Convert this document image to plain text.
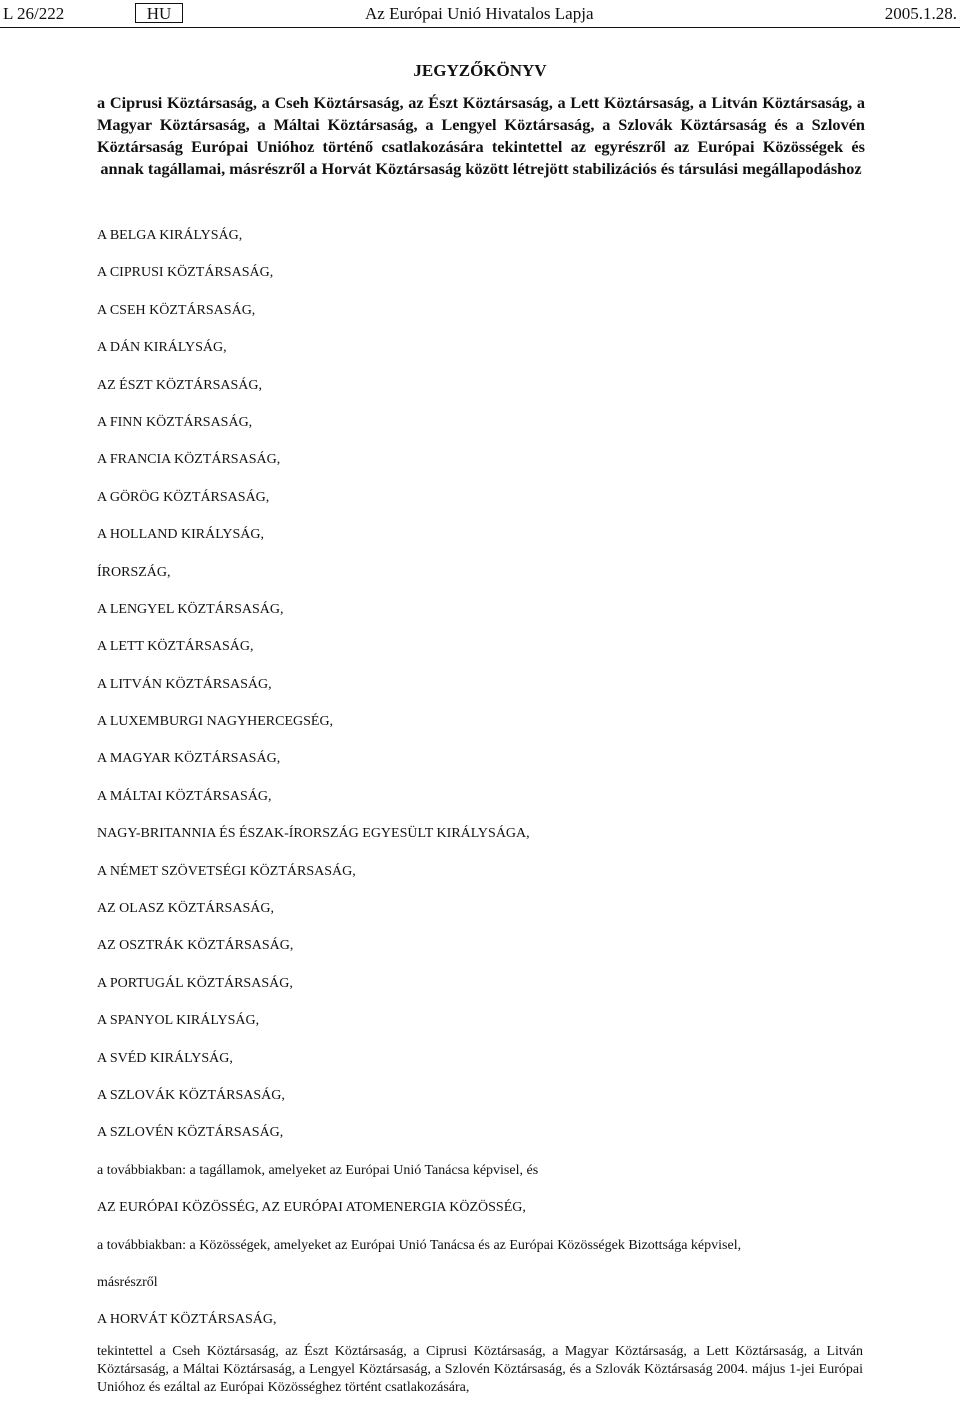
L 26/222	HU	Az Európai Unió Hivatalos Lapja	2005.1.28.
JEGYZŐKÖNYV

a Ciprusi Köztársaság, a Cseh Köztársaság, az Észt Köztársaság, a Lett Köztársaság, a Litván Köztársaság, a Magyar Köztársaság, a Máltai Köztársaság, a Lengyel Köztársaság, a Szlovák Köztársaság és a Szlovén Köztársaság Európai Unióhoz történő csatlakozására tekintettel az egyrészről az Európai Közösségek és annak tagállamai, másrészről a Horvát Köztársaság között létrejött stabilizációs és társulási megállapodáshoz

A BELGA KIRÁLYSÁG,
A CIPRUSI KÖZTÁRSASÁG,
A CSEH KÖZTÁRSASÁG,
A DÁN KIRÁLYSÁG,
AZ ÉSZT KÖZTÁRSASÁG,
A FINN KÖZTÁRSASÁG,
A FRANCIA KÖZTÁRSASÁG,
A GÖRÖG KÖZTÁRSASÁG,
A HOLLAND KIRÁLYSÁG,
ÍRORSZÁG,
A LENGYEL KÖZTÁRSASÁG,
A LETT KÖZTÁRSASÁG,
A LITVÁN KÖZTÁRSASÁG,
A LUXEMBURGI NAGYHERCEGSÉG,
A MAGYAR KÖZTÁRSASÁG,
A MÁLTAI KÖZTÁRSASÁG,
NAGY-BRITANNIA ÉS ÉSZAK-ÍRORSZÁG EGYESÜLT KIRÁLYSÁGA,
A NÉMET SZÖVETSÉGI KÖZTÁRSASÁG,
AZ OLASZ KÖZTÁRSASÁG,
AZ OSZTRÁK KÖZTÁRSASÁG,
A PORTUGÁL KÖZTÁRSASÁG,
A SPANYOL KIRÁLYSÁG,
A SVÉD KIRÁLYSÁG,
A SZLOVÁK KÖZTÁRSASÁG,
A SZLOVÉN KÖZTÁRSASÁG,
a továbbiakban: a tagállamok, amelyeket az Európai Unió Tanácsa képvisel, és
AZ EURÓPAI KÖZÖSSÉG, AZ EURÓPAI ATOMENERGIA KÖZÖSSÉG,
a továbbiakban: a Közösségek, amelyeket az Európai Unió Tanácsa és az Európai Közösségek Bizottsága képvisel,
másrészről
A HORVÁT KÖZTÁRSASÁG,

tekintettel a Cseh Köztársaság, az Észt Köztársaság, a Ciprusi Köztársaság, a Magyar Köztársaság, a Lett Köztársaság, a Litván Köztársaság, a Máltai Köztársaság, a Lengyel Köztársaság, a Szlovén Köztársaság, és a Szlovák Köztársaság 2004. május 1-jei Európai Unióhoz és ezáltal az Európai Közösséghez történt csatlakozására,
